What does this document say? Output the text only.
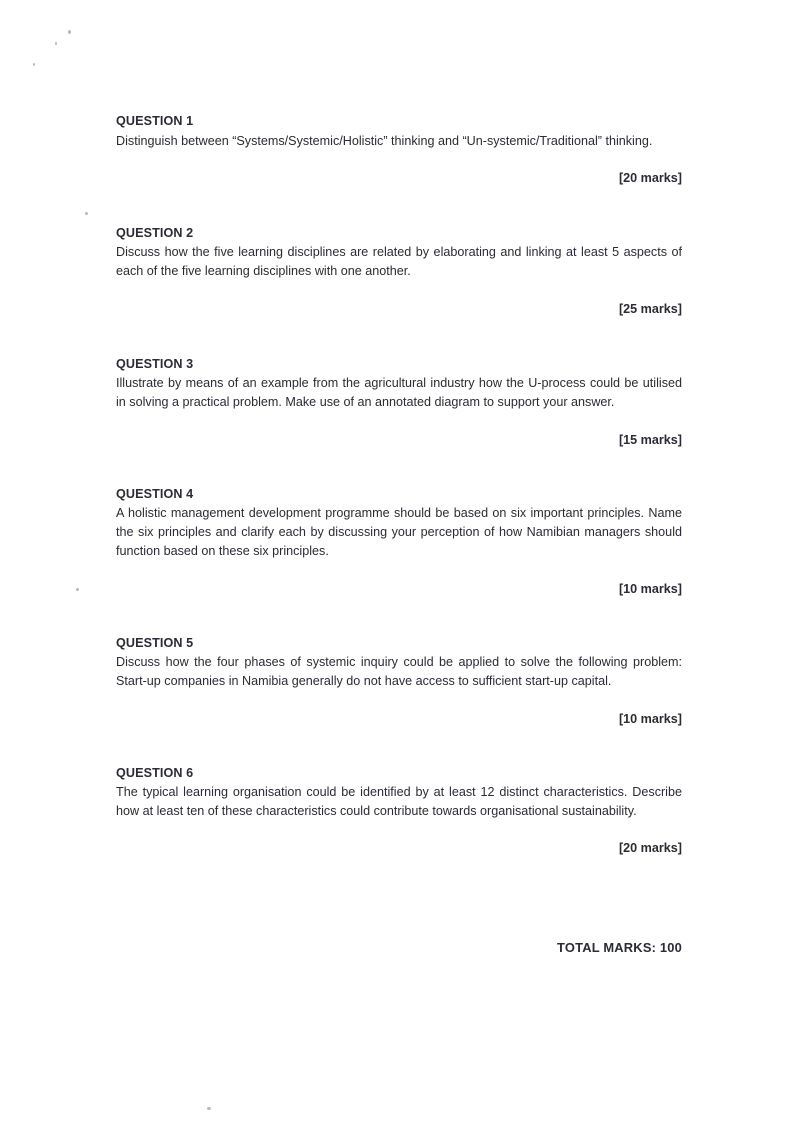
QUESTION 1
Distinguish between “Systems/Systemic/Holistic” thinking and “Un-systemic/Traditional” thinking.
[20 marks]
QUESTION 2
Discuss how the five learning disciplines are related by elaborating and linking at least 5 aspects of each of the five learning disciplines with one another.
[25 marks]
QUESTION 3
Illustrate by means of an example from the agricultural industry how the U-process could be utilised in solving a practical problem. Make use of an annotated diagram to support your answer.
[15 marks]
QUESTION 4
A holistic management development programme should be based on six important principles. Name the six principles and clarify each by discussing your perception of how Namibian managers should function based on these six principles.
[10 marks]
QUESTION 5
Discuss how the four phases of systemic inquiry could be applied to solve the following problem: Start-up companies in Namibia generally do not have access to sufficient start-up capital.
[10 marks]
QUESTION 6
The typical learning organisation could be identified by at least 12 distinct characteristics. Describe how at least ten of these characteristics could contribute towards organisational sustainability.
[20 marks]
TOTAL MARKS: 100
